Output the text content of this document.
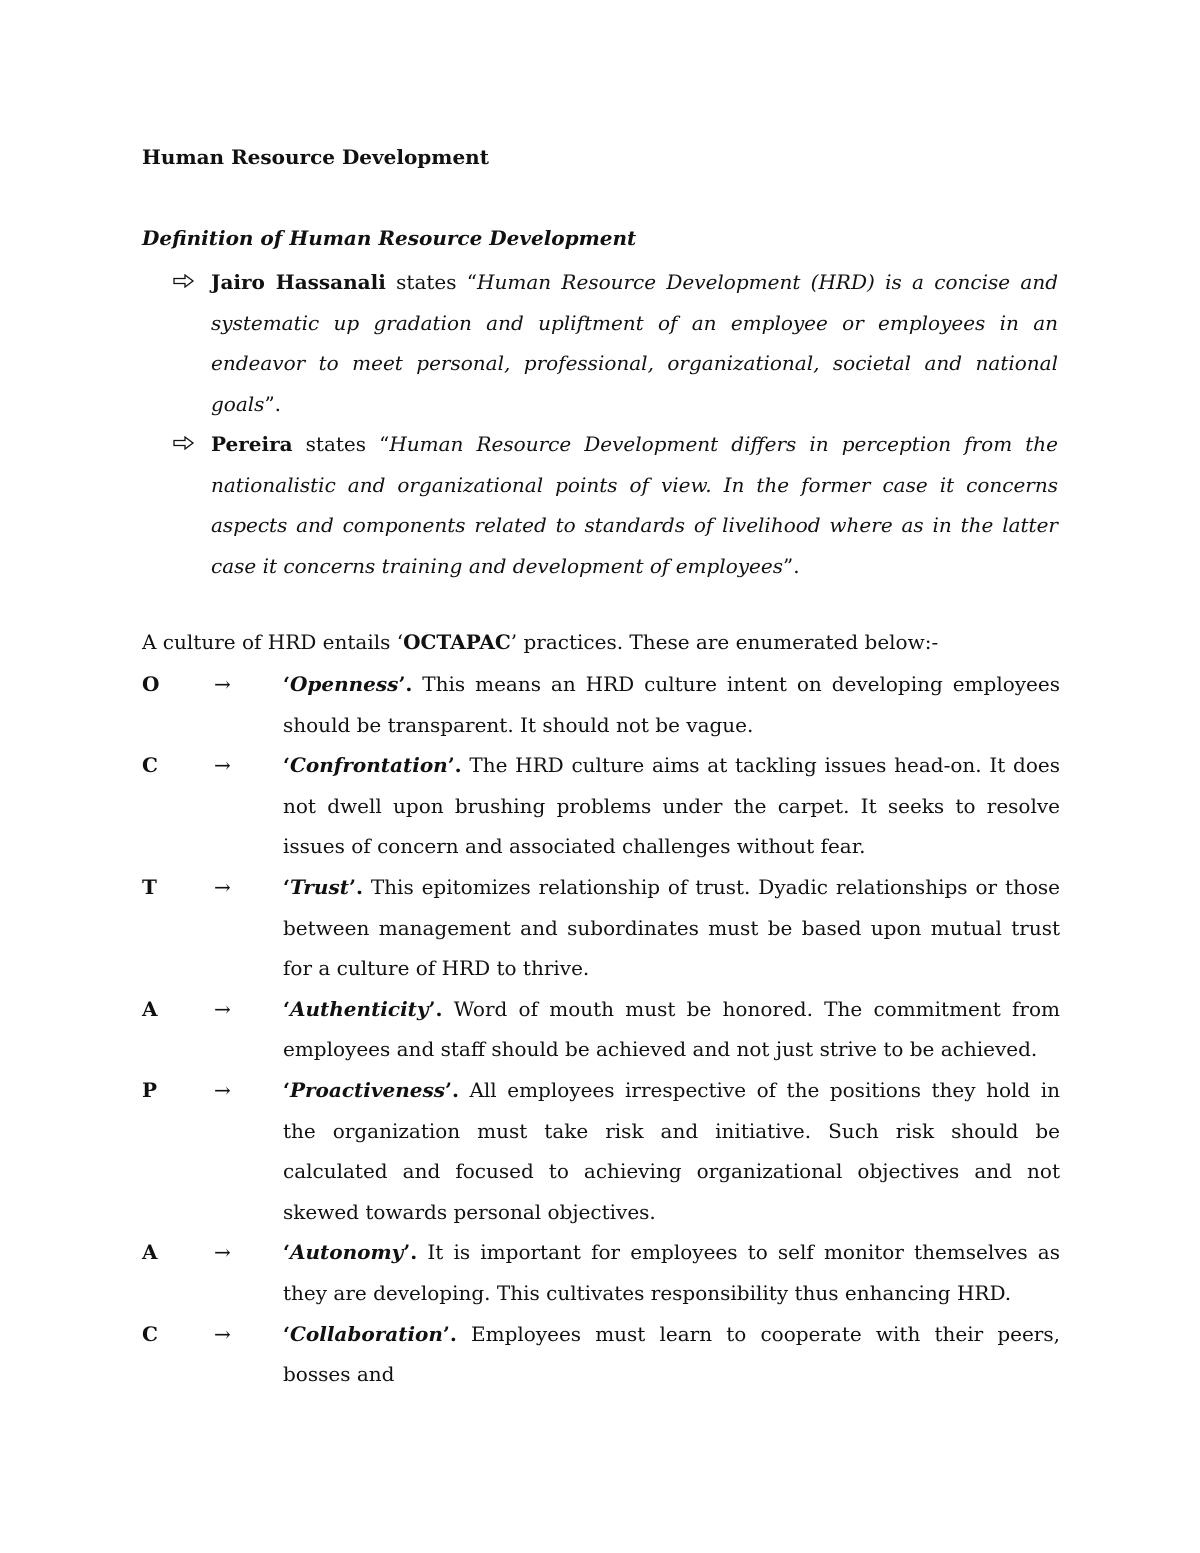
Human Resource Development
Definition of Human Resource Development
Jairo Hassanali states “Human Resource Development (HRD) is a concise and systematic up gradation and upliftment of an employee or employees in an endeavor to meet personal, professional, organizational, societal and national goals”.
Pereira states “Human Resource Development differs in perception from the nationalistic and organizational points of view. In the former case it concerns aspects and components related to standards of livelihood where as in the latter case it concerns training and development of employees”.
A culture of HRD entails ‘OCTAPAC’ practices. These are enumerated below:-
O	→	‘Openness’. This means an HRD culture intent on developing employees should be transparent. It should not be vague.
C	→	‘Confrontation’. The HRD culture aims at tackling issues head-on. It does not dwell upon brushing problems under the carpet. It seeks to resolve issues of concern and associated challenges without fear.
T	→	‘Trust’. This epitomizes relationship of trust. Dyadic relationships or those between management and subordinates must be based upon mutual trust for a culture of HRD to thrive.
A	→	‘Authenticity’. Word of mouth must be honored. The commitment from employees and staff should be achieved and not just strive to be achieved.
P	→	‘Proactiveness’. All employees irrespective of the positions they hold in the organization must take risk and initiative. Such risk should be calculated and focused to achieving organizational objectives and not skewed towards personal objectives.
A	→	‘Autonomy’. It is important for employees to self monitor themselves as they are developing. This cultivates responsibility thus enhancing HRD.
C	→	‘Collaboration’. Employees must learn to cooperate with their peers, bosses and
